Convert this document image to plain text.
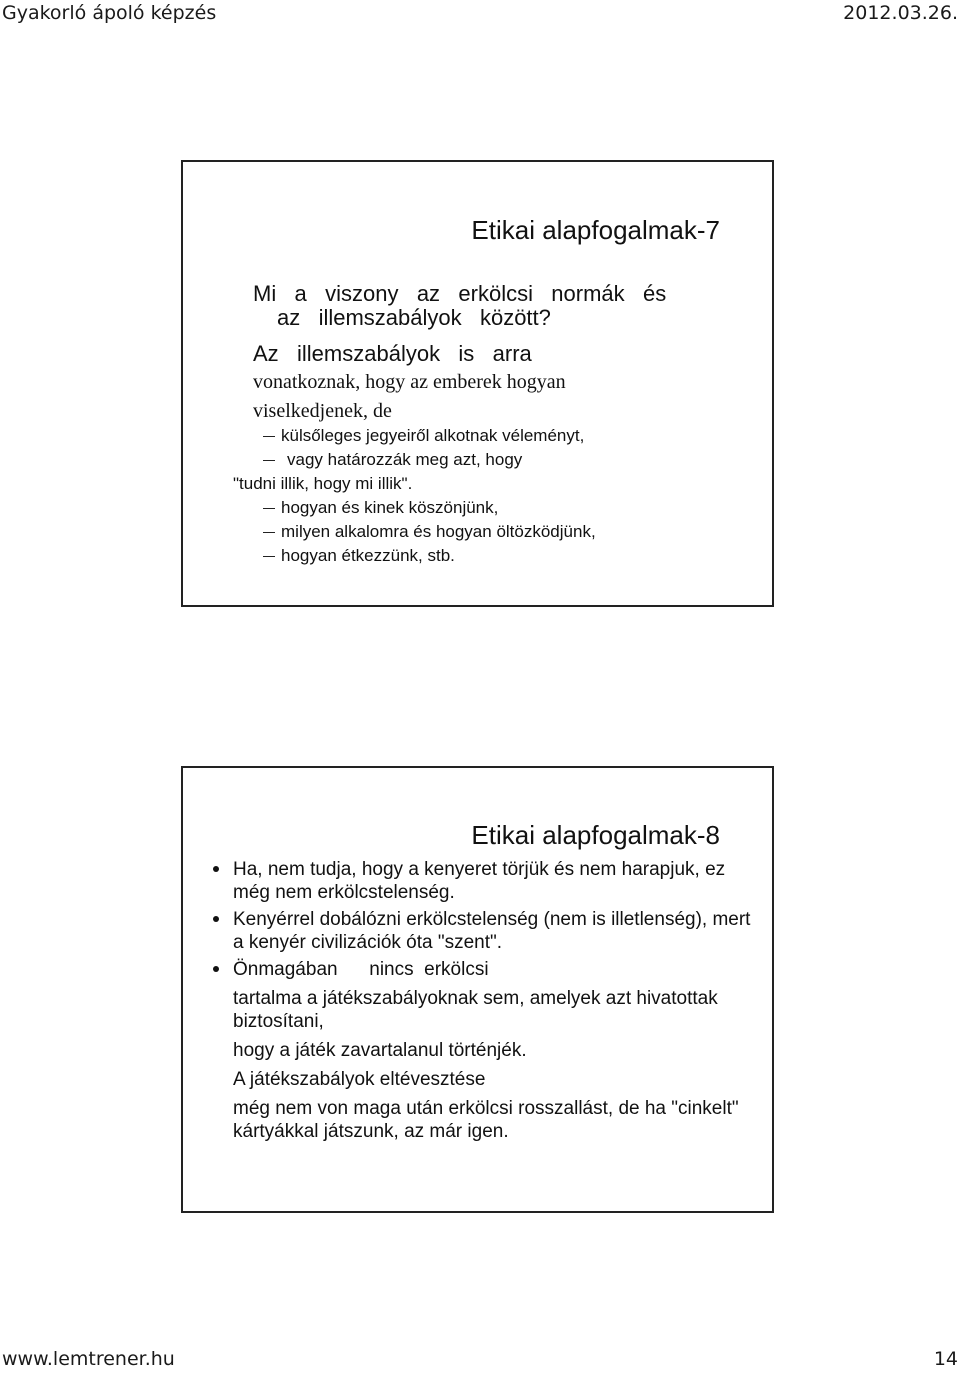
Gyakorló ápoló képzés	2012.03.26.
Etikai alapfogalmak-7
Mi   a   viszony   az   erkölcsi   normák   és
az   illemszabályok   között?
Az   illemszabályok   is   arra
vonatkoznak, hogy az emberek hogyan
viselkedjenek, de
külsőleges jegyeiről alkotnak véleményt,
vagy határozzák meg azt, hogy
"tudni illik, hogy mi illik".
hogyan és kinek köszönjünk,
milyen alkalomra és hogyan öltözködjünk,
hogyan étkezzünk, stb.
Etikai alapfogalmak-8
Ha, nem tudja, hogy a kenyeret törjük és nem harapjuk, ez még nem erkölcstelenség.
Kenyérrel dobálózni erkölcstelenség (nem is illetlenség), mert a kenyér civilizációk óta "szent".
Önmagában      nincs  erkölcsi
tartalma a játékszabályoknak sem, amelyek azt hivatottak biztosítani,
hogy a játék zavartalanul történjék.
A játékszabályok eltévesztése
még nem von maga után erkölcsi rosszallást, de ha "cinkelt" kártyákkal játszunk, az már igen.
www.lemtrener.hu	14
